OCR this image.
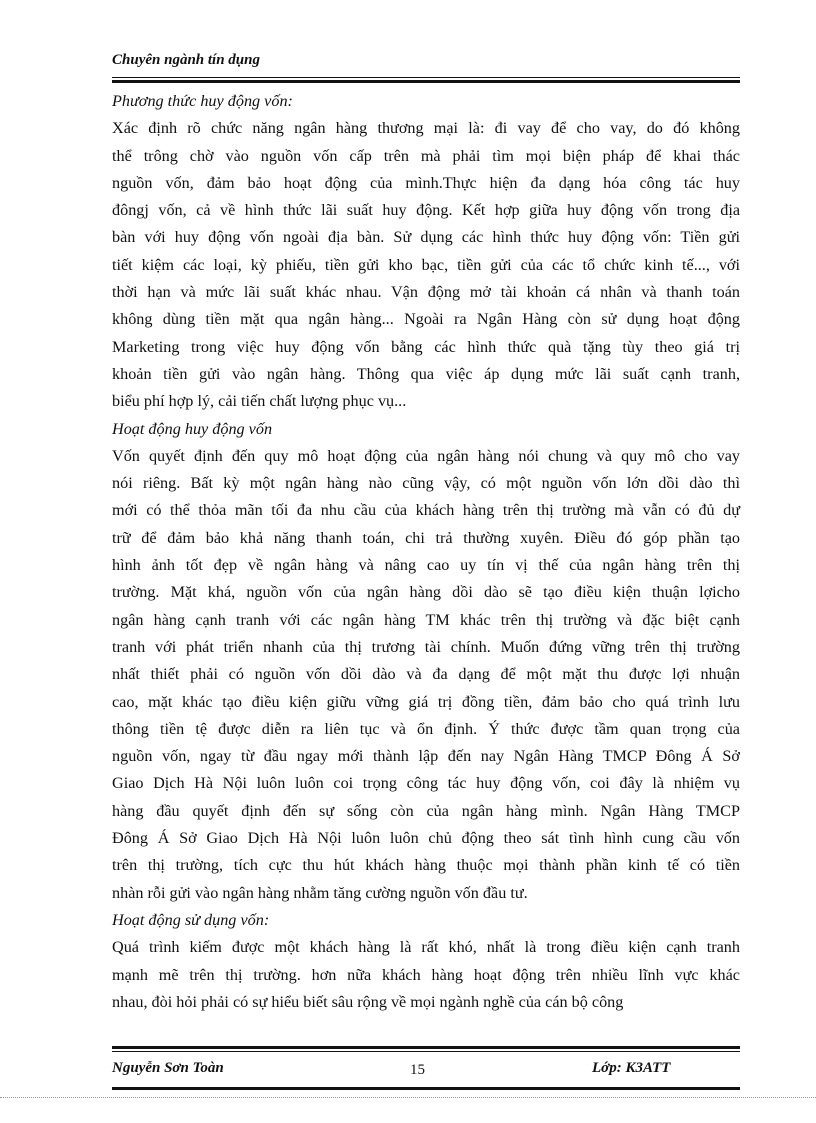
Chuyên ngành tín dụng
Phương thức huy động vốn:

Xác định rõ chức năng ngân hàng thương mại là: đi vay để cho vay, do đó không

thể trông chờ vào nguồn vốn cấp trên mà phải tìm mọi biện pháp để khai thác

nguồn vốn, đảm bảo hoạt động của mình.Thực hiện đa dạng hóa công tác huy

đôngj vốn, cả về hình thức lãi suất huy động. Kết hợp giữa huy động vốn trong địa

bàn với huy động vốn ngoài địa bàn. Sử dụng các hình thức huy động vốn: Tiền gửi

tiết kiệm các loại, kỳ phiếu, tiền gửi kho bạc, tiền gửi của các tổ chức kinh tế..., với

thời hạn và mức lãi suất khác nhau. Vận động mở tài khoản cá nhân và thanh toán

không dùng tiền mặt qua ngân hàng... Ngoài ra Ngân Hàng còn sử dụng hoạt động

Marketing trong việc huy động vốn bằng các hình thức quà tặng tùy theo giá trị

khoản tiền gửi vào ngân hàng. Thông qua việc áp dụng mức lãi suất cạnh tranh,

biểu phí hợp lý, cải tiến chất lượng phục vụ...

Hoạt động huy động vốn

Vốn quyết định đến quy mô hoạt động của ngân hàng nói chung và quy mô cho vay

nói riêng. Bất kỳ một ngân hàng nào cũng vậy, có một nguồn vốn lớn dồi dào thì

mới có thể thỏa mãn tối đa nhu cầu của khách hàng trên thị trường mà vẫn có đủ dự

trữ để đảm bảo khả năng thanh toán, chi trả thường xuyên. Điều đó góp phần tạo

hình ảnh tốt đẹp về ngân hàng và nâng cao uy tín vị thế của ngân hàng trên thị

trường. Mặt khá, nguồn vốn của ngân hàng dồi dào sẽ tạo điều kiện thuận lợicho

ngân hàng cạnh tranh với các ngân hàng TM khác trên thị trường và đặc biệt cạnh

tranh với phát triển nhanh của thị trương tài chính. Muốn đứng vững trên thị trường

nhất thiết phải có nguồn vốn dồi dào và đa dạng để một mặt thu được lợi nhuận

cao, mặt khác tạo điều kiện giữu vững giá trị đồng tiền, đảm bảo cho quá trình lưu

thông tiền tệ được diễn ra liên tục và ổn định. Ý thức được tầm quan trọng của

nguồn vốn, ngay từ đầu ngay mới thành lập đến nay Ngân Hàng TMCP Đông Á Sở

Giao Dịch Hà Nội luôn luôn coi trọng công tác huy động vốn, coi đây là nhiệm vụ

hàng đầu quyết định đến sự sống còn của ngân hàng mình. Ngân Hàng TMCP

Đông Á Sở Giao Dịch Hà Nội luôn luôn chủ động theo sát tình hình cung cầu vốn

trên thị trường, tích cực thu hút khách hàng thuộc mọi thành phần kinh tế có tiền

nhàn rỗi gửi vào ngân hàng nhằm tăng cường nguồn vốn đầu tư.

Hoạt động sử dụng vốn:

Quá trình kiếm được một khách hàng là rất khó, nhất là trong điều kiện cạnh tranh

mạnh mẽ trên thị trường. hơn nữa khách hàng hoạt động trên nhiều lĩnh vực khác

nhau, đòi hỏi phải có sự hiểu biết sâu rộng về mọi ngành nghề của cán bộ công

Nguyễn Sơn Toàn	15	Lớp: K3ATT
